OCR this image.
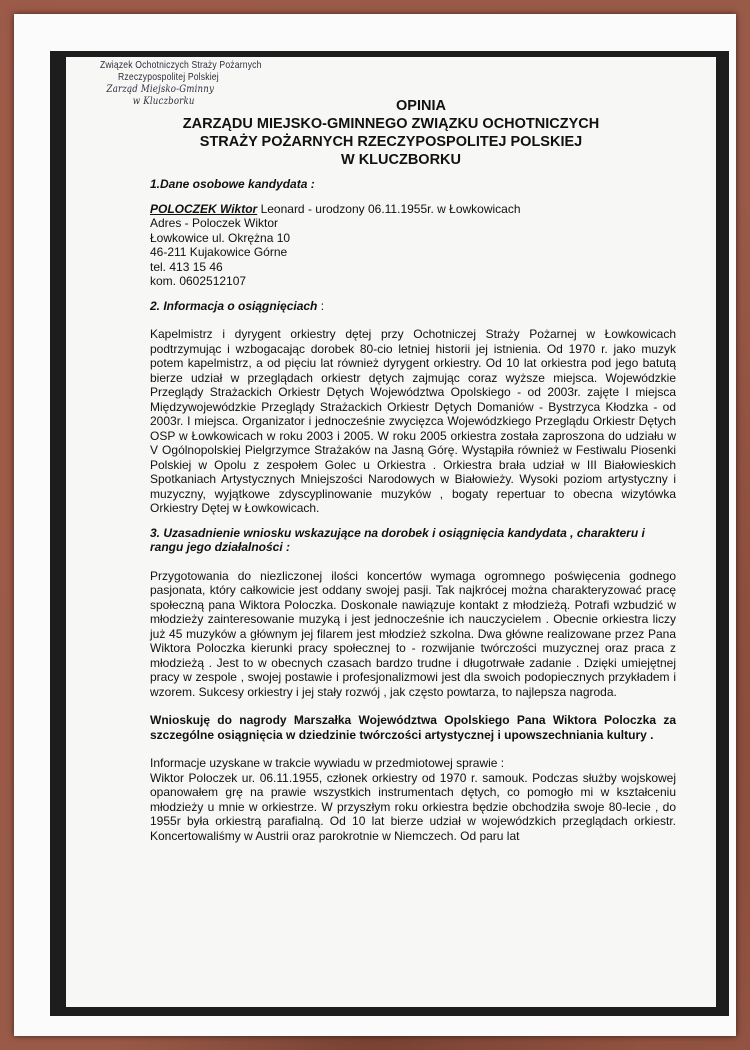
Związek Ochotniczych Straży Pożarnych
Rzeczypospolitej Polskiej
Zarząd Miejsko-Gminny
w Kluczborku	OPINIA
ZARZĄDU MIEJSKO-GMINNEGO ZWIĄZKU OCHOTNICZYCH
STRAŻY POŻARNYCH RZECZYPOSPOLITEJ POLSKIEJ
W KLUCZBORKU
1.Dane osobowe kandydata :
POLOCZEK Wiktor Leonard - urodzony 06.11.1955r. w Łowkowicach
Adres - Poloczek Wiktor
Łowkowice ul. Okrężna 10
46-211 Kujakowice Górne
tel. 413 15 46
kom. 0602512107
2. Informacja o osiągnięciach :
Kapelmistrz i dyrygent orkiestry dętej przy Ochotniczej Straży Pożarnej w Łowkowicach podtrzymując i wzbogacając dorobek 80-cio letniej historii jej istnienia. Od 1970 r. jako muzyk potem kapelmistrz, a od pięciu lat również dyrygent orkiestry. Od 10 lat orkiestra pod jego batutą bierze udział w przeglądach orkiestr dętych zajmując coraz wyższe miejsca. Wojewódzkie Przeglądy Strażackich Orkiestr Dętych Województwa Opolskiego - od 2003r. zajęte I miejsca Międzywojewódzkie Przeglądy Strażackich Orkiestr Dętych Domaniów - Bystrzyca Kłodzka - od 2003r. I miejsca. Organizator i jednocześnie zwycięzca Wojewódzkiego Przeglądu Orkiestr Dętych OSP w Łowkowicach w roku 2003 i 2005. W roku 2005 orkiestra została zaproszona do udziału w V Ogólnopolskiej Pielgrzymce Strażaków na Jasną Górę. Wystąpiła również w Festiwalu Piosenki Polskiej w Opolu z zespołem Golec u Orkiestra . Orkiestra brała udział w III Białowieskich Spotkaniach Artystycznych Mniejszości Narodowych w Białowieży. Wysoki poziom artystyczny i muzyczny, wyjątkowe zdyscyplinowanie muzyków , bogaty repertuar to obecna wizytówka Orkiestry Dętej w Łowkowicach.
3. Uzasadnienie wniosku wskazujące na dorobek i osiągnięcia kandydata , charakteru i rangu jego działalności :
Przygotowania do niezliczonej ilości koncertów wymaga ogromnego poświęcenia godnego pasjonata, który całkowicie jest oddany swojej pasji. Tak najkrócej można charakteryzować pracę społeczną pana Wiktora Poloczka. Doskonale nawiązuje kontakt z młodzieżą. Potrafi wzbudzić w młodzieży zainteresowanie muzyką i jest jednocześnie ich nauczycielem . Obecnie orkiestra liczy już 45 muzyków a głównym jej filarem jest młodzież szkolna. Dwa główne realizowane przez Pana Wiktora Poloczka kierunki pracy społecznej to - rozwijanie twórczości muzycznej oraz praca z młodzieżą . Jest to w obecnych czasach bardzo trudne i długotrwałe zadanie . Dzięki umiejętnej pracy w zespole , swojej postawie i profesjonalizmowi jest dla swoich podopiecznych przykładem i wzorem. Sukcesy orkiestry i jej stały rozwój , jak często powtarza, to najlepsza nagroda.
Wnioskuję do nagrody Marszałka Województwa Opolskiego Pana Wiktora Poloczka za szczególne osiągnięcia w dziedzinie twórczości artystycznej i upowszechniania kultury .
Informacje uzyskane w trakcie wywiadu w przedmiotowej sprawie :
Wiktor Poloczek ur. 06.11.1955, członek orkiestry od 1970 r. samouk. Podczas służby wojskowej opanowałem grę na prawie wszystkich instrumentach dętych, co pomogło mi w kształceniu młodzieży u mnie w orkiestrze. W przyszłym roku orkiestra będzie obchodziła swoje 80-lecie , do 1955r była orkiestrą parafialną. Od 10 lat bierze udział w wojewódzkich przeglądach orkiestr. Koncertowaliśmy w Austrii oraz parokrotnie w Niemczech. Od paru lat
